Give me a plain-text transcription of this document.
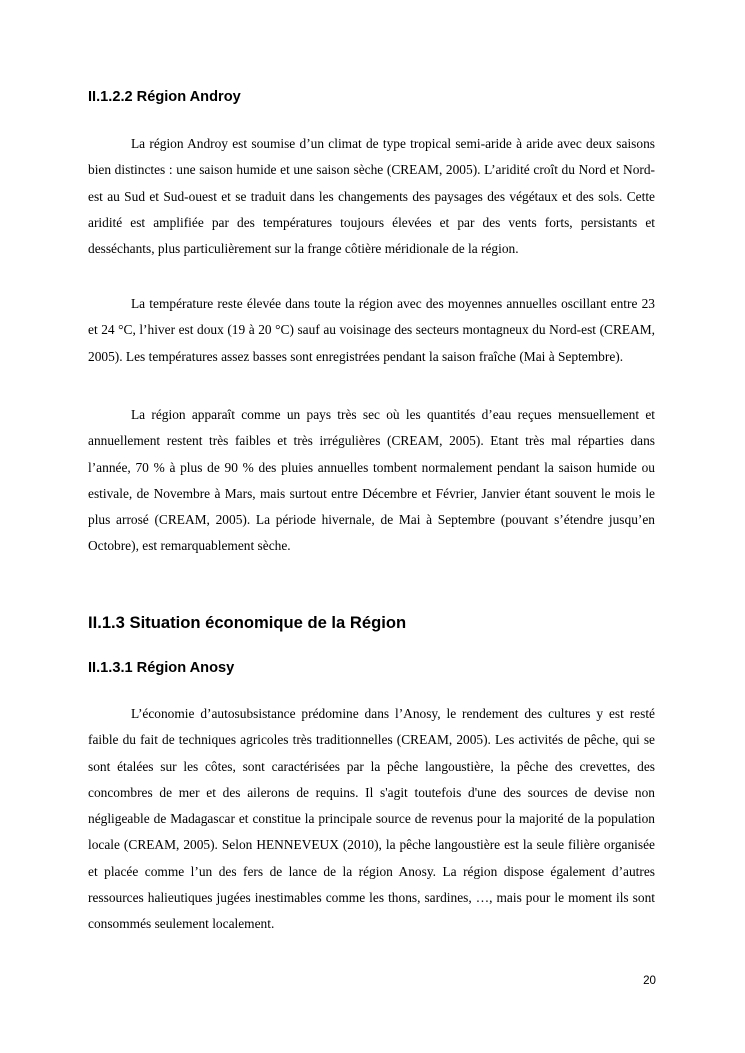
II.1.2.2 Région Androy

La région Androy est soumise d’un climat de type tropical semi-aride à aride avec deux saisons bien distinctes : une saison humide et une saison sèche (CREAM, 2005). L’aridité croît du Nord et Nord-est au Sud et Sud-ouest et se traduit dans les changements des paysages des végétaux et des sols. Cette aridité est amplifiée par des températures toujours élevées et par des vents forts, persistants et desséchants, plus particulièrement sur la frange côtière méridionale de la région.

La température reste élevée dans toute la région avec des moyennes annuelles oscillant entre 23 et 24 °C, l’hiver est doux (19 à 20 °C) sauf au voisinage des secteurs montagneux du Nord-est (CREAM, 2005). Les températures assez basses sont enregistrées pendant la saison fraîche (Mai à Septembre).

La région apparaît comme un pays très sec où les quantités d’eau reçues mensuellement et annuellement restent très faibles et très irrégulières (CREAM, 2005). Etant très mal réparties dans l’année, 70 % à plus de 90 % des pluies annuelles tombent normalement pendant la saison humide ou estivale, de Novembre à Mars, mais surtout entre Décembre et Février, Janvier étant souvent le mois le plus arrosé (CREAM, 2005). La période hivernale, de Mai à Septembre (pouvant s’étendre jusqu’en Octobre), est remarquablement sèche.

II.1.3 Situation économique de la Région
II.1.3.1 Région Anosy

L’économie d’autosubsistance prédomine dans l’Anosy, le rendement des cultures y est resté faible du fait de techniques agricoles très traditionnelles (CREAM, 2005). Les activités de pêche, qui se sont étalées sur les côtes, sont caractérisées par la pêche langoustière, la pêche des crevettes, des concombres de mer et des ailerons de requins. Il s'agit toutefois d'une des sources de devise non négligeable de Madagascar et constitue la principale source de revenus pour la majorité de la population locale (CREAM, 2005). Selon HENNEVEUX (2010), la pêche langoustière est la seule filière organisée et placée comme l’un des fers de lance de la région Anosy. La région dispose également d’autres ressources halieutiques jugées inestimables comme les thons, sardines, …, mais pour le moment ils sont consommés seulement localement.

20
